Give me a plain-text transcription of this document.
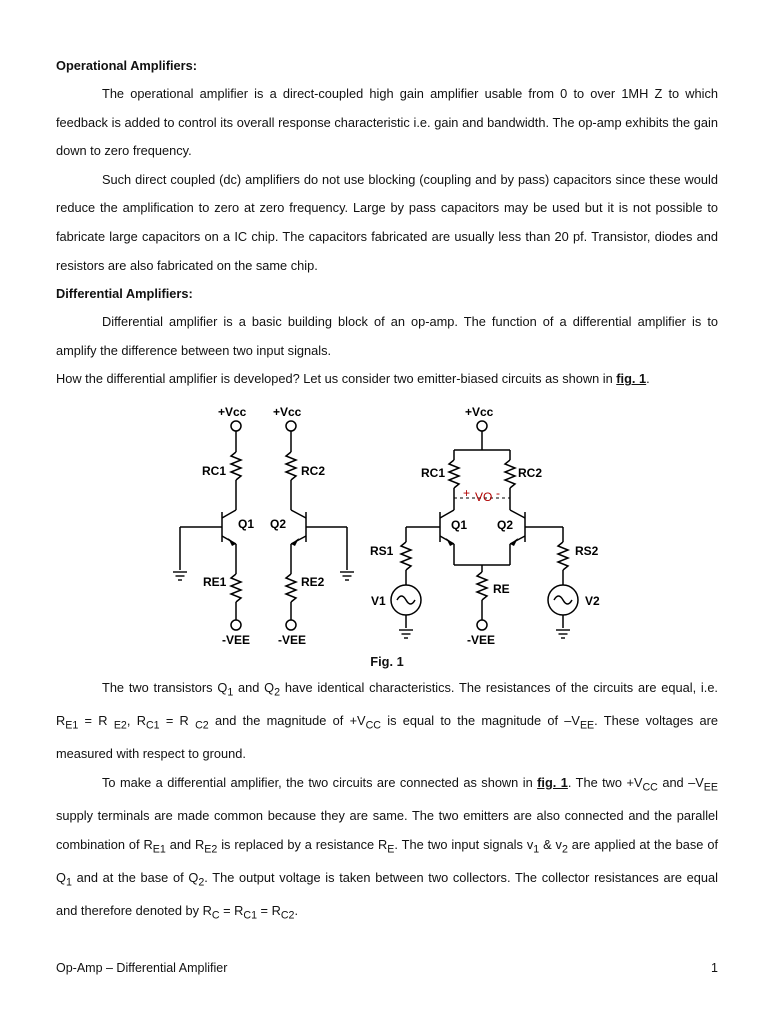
Operational Amplifiers:

The operational amplifier is a direct-coupled high gain amplifier usable from 0 to over 1MH Z to which feedback is added to control its overall response characteristic i.e. gain and bandwidth. The op-amp exhibits the gain down to zero frequency.

Such direct coupled (dc) amplifiers do not use blocking (coupling and by pass) capacitors since these would reduce the amplification to zero at zero frequency. Large by pass capacitors may be used but it is not possible to fabricate large capacitors on a IC chip. The capacitors fabricated are usually less than 20 pf. Transistor, diodes and resistors are also fabricated on the same chip.

Differential Amplifiers:

Differential amplifier is a basic building block of an op-amp. The function of a differential amplifier is to amplify the difference between two input signals.

How the differential amplifier is developed? Let us consider two emitter-biased circuits as shown in fig. 1.

+Vcc +Vcc	+Vcc
RC1	RC2
RE1	RE2
Q1 Q2
-VEE -VEE
RC1	RC2
Q1 Q2
RS1	RS2
RE
V1	V2
-VEE
+ VO -

Fig. 1

The two transistors $Q_1$ and $Q_2$ have identical characteristics. The resistances of the circuits are equal, i.e. $R_{E1} = R$ $_{E2}$, $R_{C1} = R$ $_{C2}$ and the magnitude of $+V_{CC}$ is equal to the magnitude of $-V_{EE}$. These voltages are measured with respect to ground.

To make a differential amplifier, the two circuits are connected as shown in fig. 1. The two $+V_{CC}$ and $-V_{EE}$ supply terminals are made common because they are same. The two emitters are also connected and the parallel combination of $R_{E1}$ and $R_{E2}$ is replaced by a resistance $R_E$. The two input signals $v_1$ & $v_2$ are applied at the base of $Q_1$ and at the base of $Q_2$. The output voltage is taken between two collectors. The collector resistances are equal and therefore denoted by $R_C = R_{C1} = R_{C2}$.

Op-Amp – Differential Amplifier	1
